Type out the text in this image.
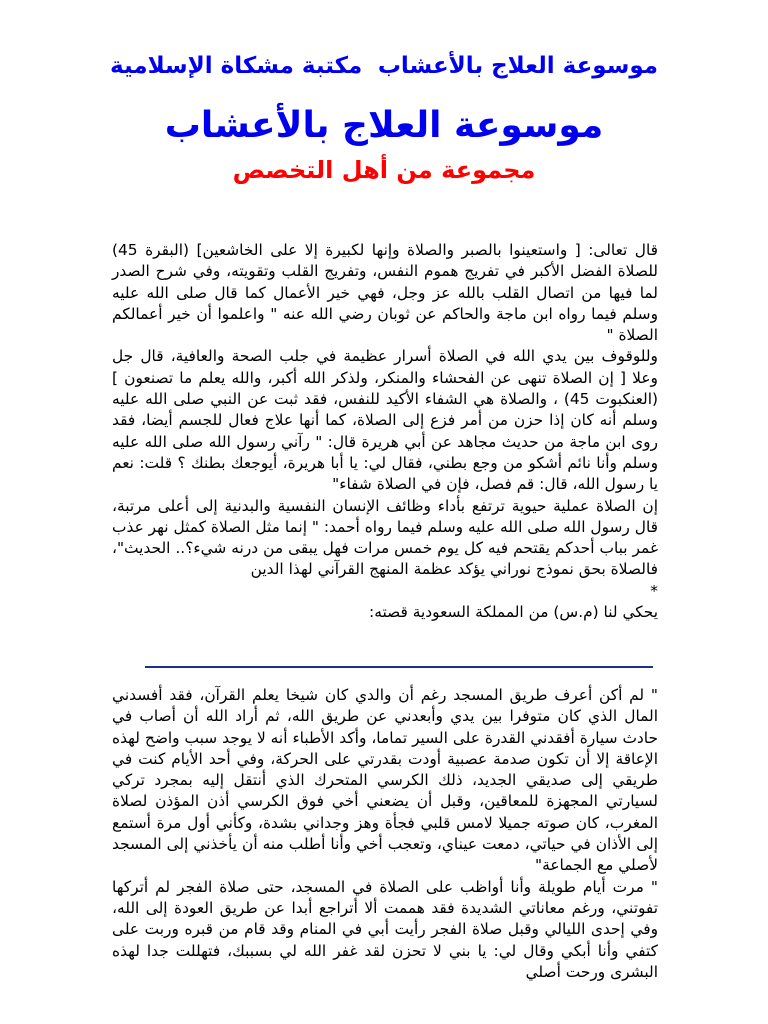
موسوعة العلاج بالأعشاب
مكتبة مشكاة الإسلامية
موسوعة العلاج بالأعشاب
مجموعة من أهل التخصص

قال تعالى: [ واستعينوا بالصبر والصلاة وإنها لكبيرة إلا على الخاشعين] (البقرة 45) للصلاة الفضل الأكبر في تفريج هموم النفس، وتفريج القلب وتقويته، وفي شرح الصدر لما فيها من اتصال القلب بالله عز وجل، فهي خير الأعمال كما قال صلى الله عليه وسلم فيما رواه ابن ماجة والحاكم عن ثوبان رضي الله عنه " واعلموا أن خير أعمالكم الصلاة "

وللوقوف بين يدي الله في الصلاة أسرار عظيمة في جلب الصحة والعافية، قال جل وعلا [ إن الصلاة تنهى عن الفحشاء والمنكر، ولذكر الله أكبر، والله يعلم ما تصنعون ] (العنكبوت 45) ، والصلاة هي الشفاء الأكيد للنفس، فقد ثبت عن النبي صلى الله عليه وسلم أنه كان إذا حزن من أمر فزع إلى الصلاة، كما أنها علاج فعال للجسم أيضا، فقد روى ابن ماجة من حديث مجاهد عن أبي هريرة قال: " رآني رسول الله صلى الله عليه وسلم وأنا نائم أشكو من وجع بطني، فقال لي: يا أبا هريرة، أيوجعك بطنك ؟ قلت: نعم يا رسول الله، قال: قم فصل، فإن في الصلاة شفاء"

إن الصلاة عملية حيوية ترتفع بأداء وظائف الإنسان النفسية والبدنية إلى أعلى مرتبة، قال رسول الله صلى الله عليه وسلم فيما رواه أحمد: " إنما مثل الصلاة كمثل نهر عذب غمر بباب أحدكم يقتحم فيه كل يوم خمس مرات فهل يبقى من درنه شيء؟.. الحديث"، فالصلاة بحق نموذج نوراني يؤكد عظمة المنهج القرآني لهذا الدين

*

يحكي لنا (م.س) من المملكة السعودية قصته:

" لم أكن أعرف طريق المسجد رغم أن والدي كان شيخا يعلم القرآن، فقد أفسدني المال الذي كان متوفرا بين يدي وأبعدني عن طريق الله، ثم أراد الله أن أصاب في حادث سيارة أفقدني القدرة على السير تماما، وأكد الأطباء أنه لا يوجد سبب واضح لهذه الإعاقة إلا أن تكون صدمة عصبية أودت بقدرتي على الحركة، وفي أحد الأيام كنت في طريقي إلى صديقي الجديد، ذلك الكرسي المتحرك الذي أنتقل إليه بمجرد تركي لسيارتي المجهزة للمعاقين، وقبل أن يضعني أخي فوق الكرسي أذن المؤذن لصلاة المغرب، كان صوته جميلا لامس قلبي فجأة وهز وجداني بشدة، وكأني أول مرة أستمع إلى الأذان في حياتي، دمعت عيناي، وتعجب أخي وأنا أطلب منه أن يأخذني إلى المسجد لأصلي مع الجماعة"

" مرت أيام طويلة وأنا أواظب على الصلاة في المسجد، حتى صلاة الفجر لم أتركها تفوتني، ورغم معاناتي الشديدة فقد هممت ألا أتراجع أبدا عن طريق العودة إلى الله، وفي إحدى الليالي وقبل صلاة الفجر رأيت أبي في المنام وقد قام من قبره وربت على كتفي وأنا أبكي وقال لي: يا بني لا تحزن لقد غفر الله لي بسببك، فتهللت جدا لهذه البشرى ورحت أصلي
